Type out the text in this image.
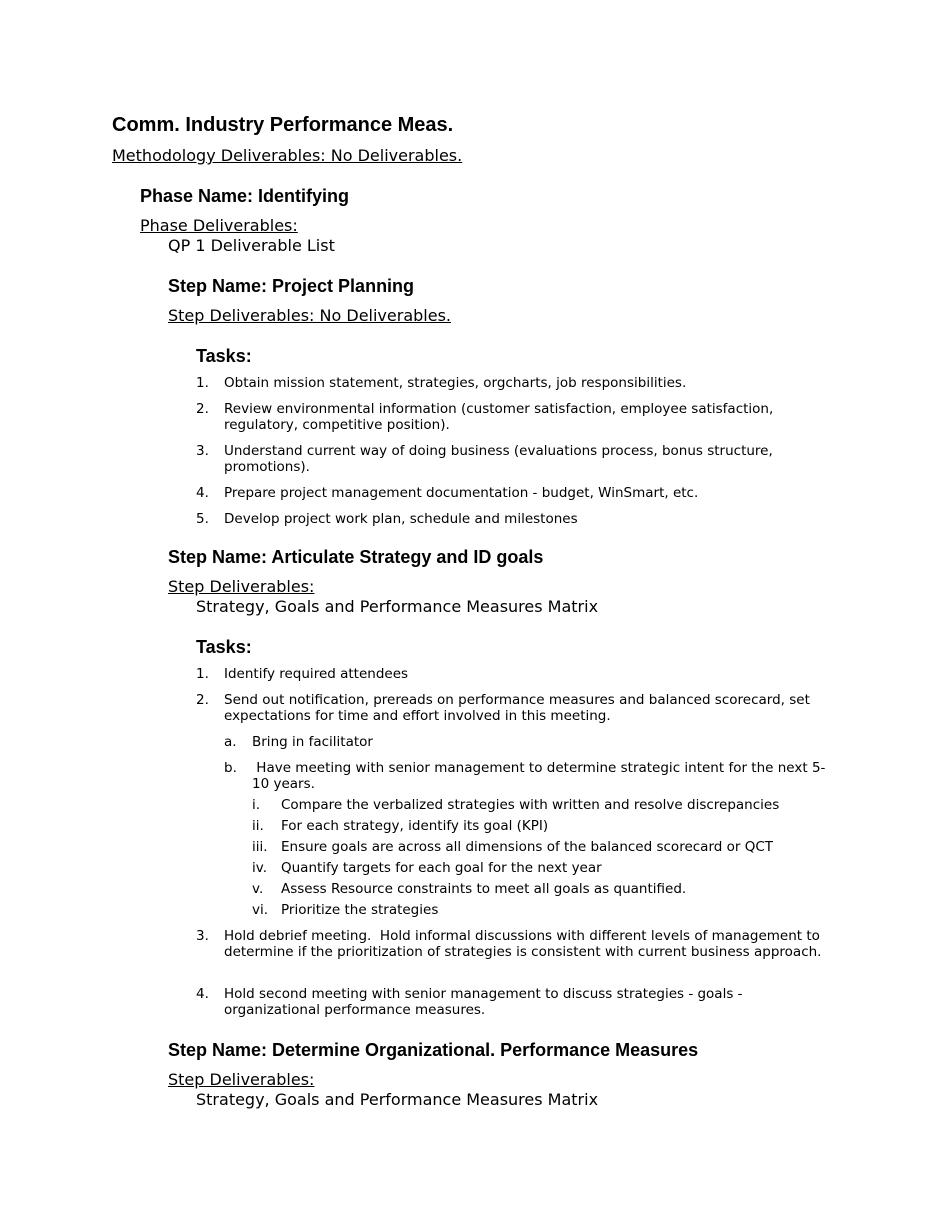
Comm. Industry Performance Meas.
Methodology Deliverables: No Deliverables.
Phase Name: Identifying
Phase Deliverables:
QP 1 Deliverable List
Step Name: Project Planning
Step Deliverables: No Deliverables.
Tasks:
1. Obtain mission statement, strategies, orgcharts, job responsibilities.
2. Review environmental information (customer satisfaction, employee satisfaction, regulatory, competitive position).
3. Understand current way of doing business (evaluations process, bonus structure, promotions).
4. Prepare project management documentation - budget, WinSmart, etc.
5. Develop project work plan, schedule and milestones
Step Name: Articulate Strategy and ID goals
Step Deliverables:
Strategy, Goals and Performance Measures Matrix
Tasks:
1. Identify required attendees
2. Send out notification, prereads on performance measures and balanced scorecard, set expectations for time and effort involved in this meeting.
a. Bring in facilitator
b. Have meeting with senior management to determine strategic intent for the next 5-10 years.
i. Compare the verbalized strategies with written and resolve discrepancies
ii. For each strategy, identify its goal (KPI)
iii. Ensure goals are across all dimensions of the balanced scorecard or QCT
iv. Quantify targets for each goal for the next year
v. Assess Resource constraints to meet all goals as quantified.
vi. Prioritize the strategies
3. Hold debrief meeting.  Hold informal discussions with different levels of management to determine if the prioritization of strategies is consistent with current business approach.
4. Hold second meeting with senior management to discuss strategies - goals - organizational performance measures.
Step Name: Determine Organizational. Performance Measures
Step Deliverables:
Strategy, Goals and Performance Measures Matrix
